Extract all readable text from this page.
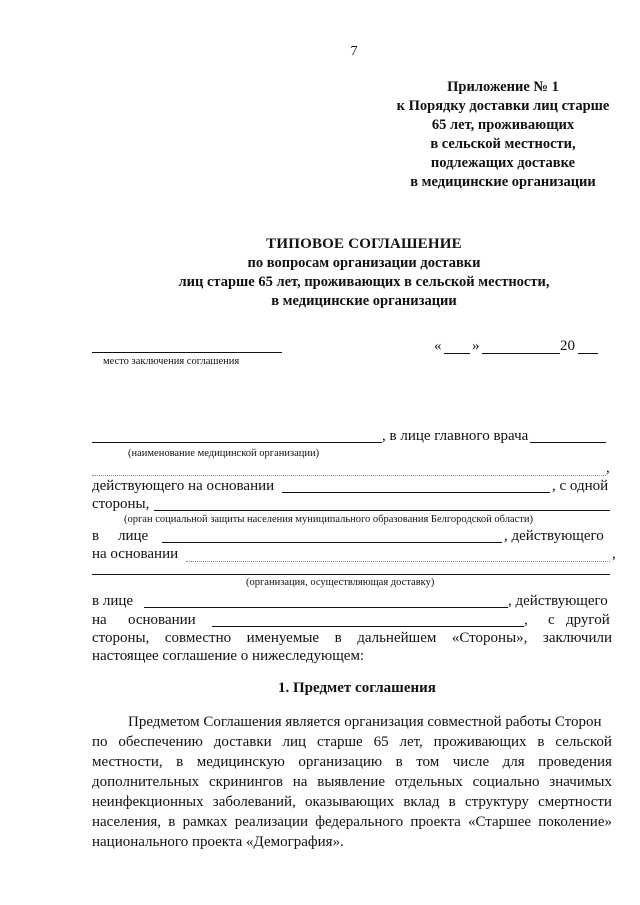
7
Приложение № 1
к Порядку доставки лиц старше
65 лет, проживающих
в сельской местности,
подлежащих доставке
в медицинские организации
ТИПОВОЕ СОГЛАШЕНИЕ
по вопросам организации доставки
лиц старше 65 лет, проживающих в сельской местности,
в медицинские организации
место заключения соглашения
« »	20
, в лице главного врача
(наименование медицинской организации)
,
действующего на основании	, с одной
стороны,
(орган социальной защиты населения муниципального образования Белгородской области)
в лице	, действующего
на основании	,
(организация, осуществляющая доставку)
в лице	, действующего
на основании	, с другой
стороны, совместно именуемые в дальнейшем «Стороны», заключили
настоящее соглашение о нижеследующем:
1. Предмет соглашения
Предметом Соглашения является организация совместной работы Сторон
по обеспечению доставки лиц старше 65 лет, проживающих в сельской
местности, в медицинскую организацию в том числе для проведения
дополнительных скринингов на выявление отдельных социально значимых
неинфекционных заболеваний, оказывающих вклад в структуру смертности
населения, в рамках реализации федерального проекта «Старшее поколение»
национального проекта «Демография».
